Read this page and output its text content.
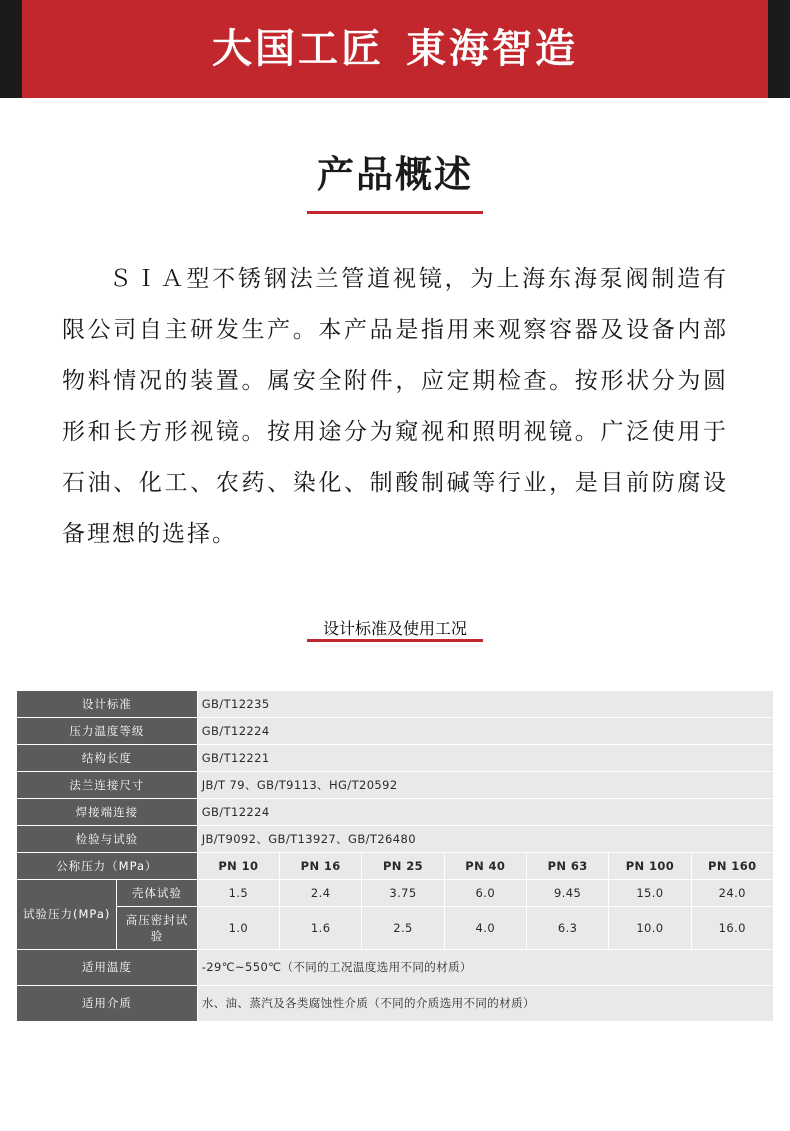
大国工匠 東海智造
产品概述

ＳＩＡ型不锈钢法兰管道视镜，为上海东海泵阀制造有限公司自主研发生产。本产品是指用来观察容器及设备内部物料情况的装置。属安全附件，应定期检查。按形状分为圆形和长方形视镜。按用途分为窥视和照明视镜。广泛使用于石油、化工、农药、染化、制酸制碱等行业，是目前防腐设备理想的选择。

设计标准及使用工况
设计标准		GB/T12235						
压力温度等级		GB/T12224						
结构长度		GB/T12221						
法兰连接尺寸		JB/T 79、GB/T9113、HG/T20592						
焊接端连接		GB/T12224						
检验与试验		JB/T9092、GB/T13927、GB/T26480						
公称压力（MPa）		PN 10	PN 16	PN 25	PN 40	PN 63	PN 100	PN 160
试验压力(MPa)	壳体试验	1.5	2.4	3.75	6.0	9.45	15.0	24.0
	高压密封试验	1.0	1.6	2.5	4.0	6.3	10.0	16.0
适用温度		-29℃~550℃（不同的工况温度选用不同的材质）						
适用介质		水、油、蒸汽及各类腐蚀性介质（不同的介质选用不同的材质）						
